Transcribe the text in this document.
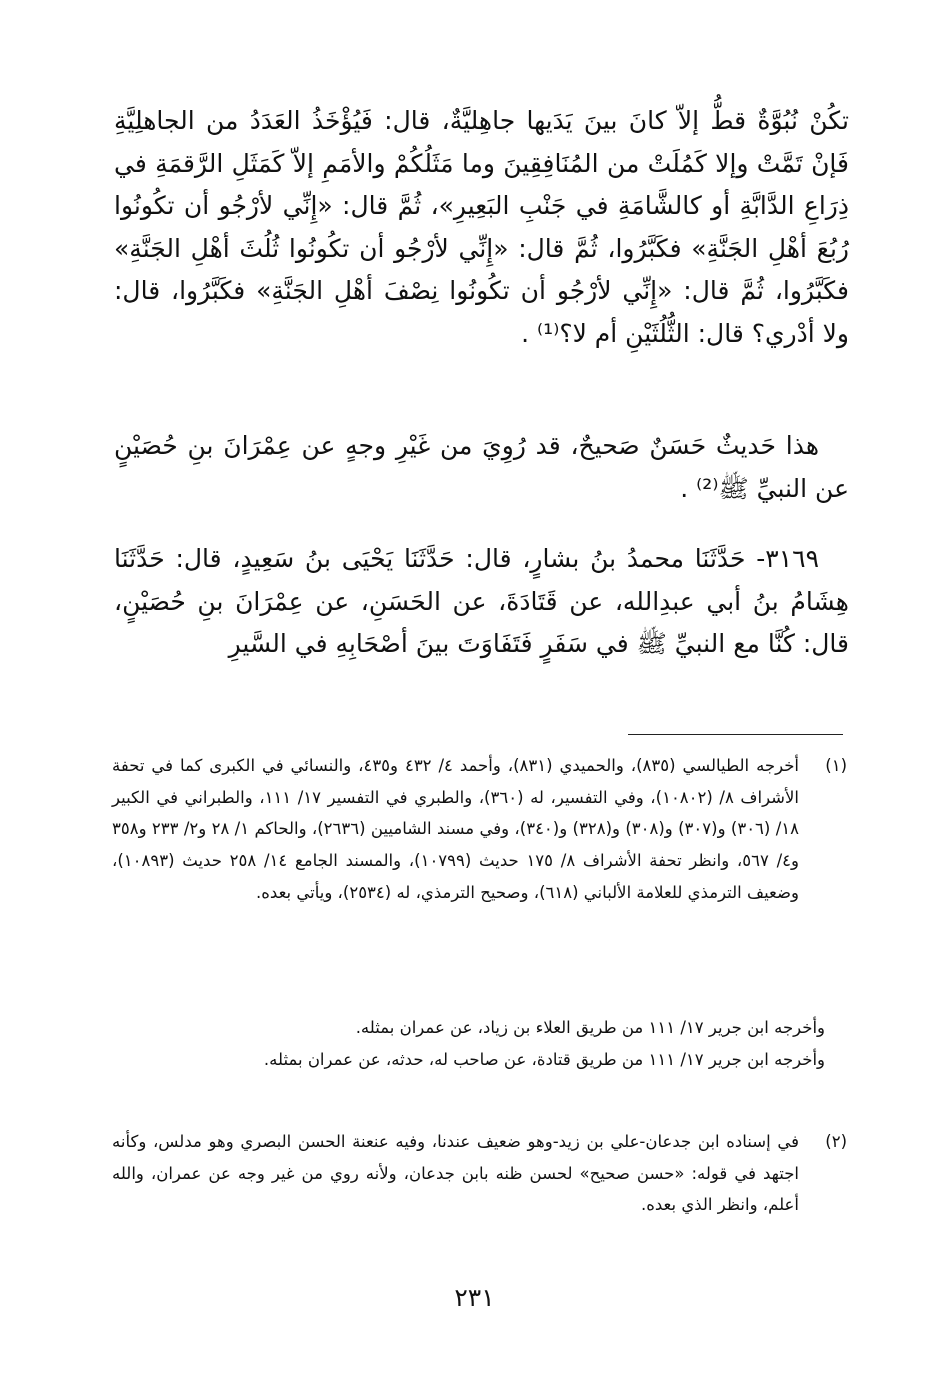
تكُنْ نُبُوَّةٌ قطُّ إلاّ كانَ بينَ يَدَيها جاهِليَّةٌ، قال: فَيُؤْخَذُ العَدَدُ من الجاهلِيَّةِ فَإنْ تَمَّتْ وإلا كَمُلَتْ من المُنَافِقِينَ وما مَثَلُكُمْ والأمَمِ إلاّ كَمَثَلِ الرَّقمَةِ في ذِرَاعِ الدَّابَّةِ أو كالشَّامَةِ في جَنْبِ البَعِيرِ»، ثُمَّ قال: «إِنِّي لأرْجُو أن تكُونُوا رُبُعَ أهْلِ الجَنَّةِ» فكَبَّرُوا، ثُمَّ قال: «إِنِّي لأرْجُو أن تكُونُوا ثُلُثَ أهْلِ الجَنَّةِ» فكَبَّرُوا، ثُمَّ قال: «إِنِّي لأرْجُو أن تكُونُوا نِصْفَ أهْلِ الجَنَّةِ» فكَبَّرُوا، قال: ولا أدْري؟ قال: الثُّلُثَيْنِ أم لا؟⁽¹⁾ .

هذا حَديثٌ حَسَنٌ صَحيحٌ، قد رُوِيَ من غَيْرِ وجهٍ عن عِمْرَانَ بنِ حُصَيْنٍ عن النبيِّ ﷺ⁽²⁾ .

٣١٦٩- حَدَّثَنَا محمدُ بنُ بشارٍ، قال: حَدَّثَنَا يَحْيَى بنُ سَعِيدٍ، قال: حَدَّثَنَا هِشَامُ بنُ أبي عبدِالله، عن قَتَادَةَ، عن الحَسَنِ، عن عِمْرَانَ بنِ حُصَيْنٍ، قال: كُنَّا مع النبيِّ ﷺ في سَفَرٍ فَتَفَاوَتَ بينَ أصْحَابِهِ في السَّيرِ

(١)
أخرجه الطيالسي (٨٣٥)، والحميدي (٨٣١)، وأحمد ٤/ ٤٣٢ و٤٣٥، والنسائي في الكبرى كما في تحفة الأشراف ٨/ (١٠٨٠٢)، وفي التفسير، له (٣٦٠)، والطبري في التفسير ١٧/ ١١١، والطبراني في الكبير ١٨/ (٣٠٦) و(٣٠٧) و(٣٠٨) و(٣٢٨) و(٣٤٠)، وفي مسند الشاميين (٢٦٣٦)، والحاكم ١/ ٢٨ و٢/ ٢٣٣ و٣٥٨ و٤/ ٥٦٧، وانظر تحفة الأشراف ٨/ ١٧٥ حديث (١٠٧٩٩)، والمسند الجامع ١٤/ ٢٥٨ حديث (١٠٨٩٣)، وضعيف الترمذي للعلامة الألباني (٦١٨)، وصحيح الترمذي، له (٢٥٣٤)، ويأتي بعده.

وأخرجه ابن جرير ١٧/ ١١١ من طريق العلاء بن زياد، عن عمران بمثله.

وأخرجه ابن جرير ١٧/ ١١١ من طريق قتادة، عن صاحب له، حدثه، عن عمران بمثله.

(٢)
في إسناده ابن جدعان-علي بن زيد-وهو ضعيف عندنا، وفيه عنعنة الحسن البصري وهو مدلس، وكأنه اجتهد في قوله: «حسن صحيح» لحسن ظنه بابن جدعان، ولأنه روي من غير وجه عن عمران، والله أعلم، وانظر الذي بعده.
٢٣١
